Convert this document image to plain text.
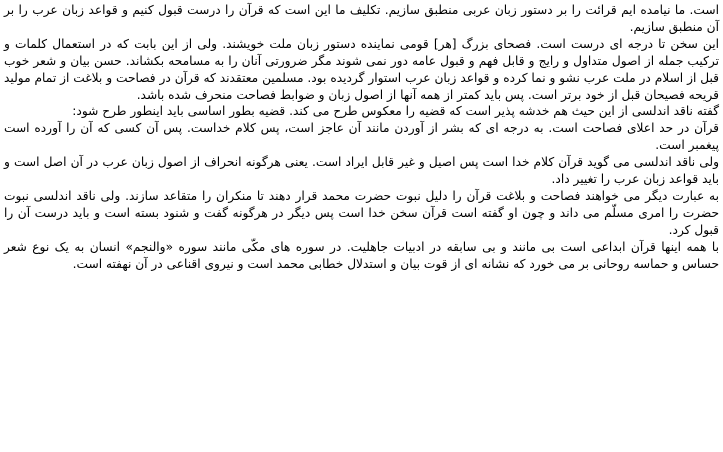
است. ما نیامده ایم قرائت را بر دستور زبان عربی منطبق سازیم. تکلیف ما این است که قرآن را درست قبول کنیم و قواعد زبان عرب را بر آن منطبق سازیم.

این سخن تا درجه ای درست است. فصحای بزرگ [هر] قومی نماینده دستور زبان ملت خویشند. ولی از این بابت که در استعمال کلمات و ترکیب جمله از اصول متداول و رایج و قابل فهم و قبول عامه دور نمی شوند مگر ضرورتی آنان را به مسامحه بکشاند. حسن بیان و شعر خوب قبل از اسلام در ملت عرب نشو و نما کرده و قواعد زبان عرب استوار گردیده بود. مسلمین معتقدند که قرآن در فصاحت و بلاغت از تمام مولید قریحه فصیحان قبل از خود برتر است. پس باید کمتر از همه آنها از اصول زبان و ضوابط فصاحت منحرف شده باشد.

گفته ناقد اندلسی از این حیث هم خدشه پذیر است که قضیه را معکوس طرح می کند. قضیه بطور اساسی باید اینطور طرح شود:

قرآن در حد اعلای فصاحت است. به درجه ای که بشر از آوردن مانند آن عاجز است، پس کلام خداست. پس آن کسی که آن را آورده است پیغمبر است.

ولی ناقد اندلسی می گوید قرآن کلام خدا است پس اصیل و غیر قابل ایراد است. یعنی هرگونه انحراف از اصول زبان عرب در آن اصل است و باید قواعد زبان عرب را تغییر داد.

به عبارت دیگر می خواهند فصاحت و بلاغت قرآن را دلیل نبوت حضرت محمد قرار دهند تا منکران را متقاعد سازند. ولی ناقد اندلسی نبوت حضرت را امری مسلّم می داند و چون او گفته است قرآن سخن خدا است پس دیگر در هرگونه گفت و شنود بسته است و باید درست آن را قبول کرد.

با همه اینها قرآن ابداعی است بی مانند و بی سابقه در ادبیات جاهلیت. در سوره های مکّی مانند سوره «والنجم» انسان به یک نوع شعر حساس و حماسه روحانی بر می خورد که نشانه ای از قوت بیان و استدلال خطابی محمد است و نیروی اقناعی در آن نهفته است.
